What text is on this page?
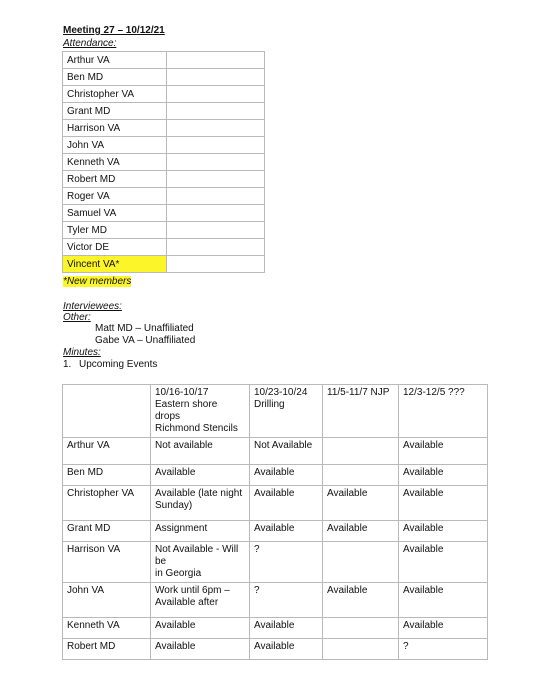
Meeting 27 – 10/12/21
Attendance:
Arthur VA	
Ben MD	
Christopher VA	
Grant MD	
Harrison VA	
John VA	
Kenneth VA	
Robert MD	
Roger VA	
Samuel VA	
Tyler MD	
Victor DE	
Vincent VA*	
*New members
Interviewees:
Other:
Matt MD – Unaffiliated
Gabe VA – Unaffiliated
Minutes:
1. Upcoming Events
	10/16-10/17
Eastern shore drops
Richmond Stencils	10/23-10/24
Drilling	11/5-11/7 NJP	12/3-12/5 ???
Arthur VA	Not available	Not Available		Available
Ben MD	Available	Available		Available
Christopher VA	Available (late night
Sunday)	Available	Available	Available
Grant MD	Assignment	Available	Available	Available
Harrison VA	Not Available - Will be
in Georgia	?		Available
John VA	Work until 6pm –
Available after	?	Available	Available
Kenneth VA	Available	Available		Available
Robert MD	Available	Available		?
